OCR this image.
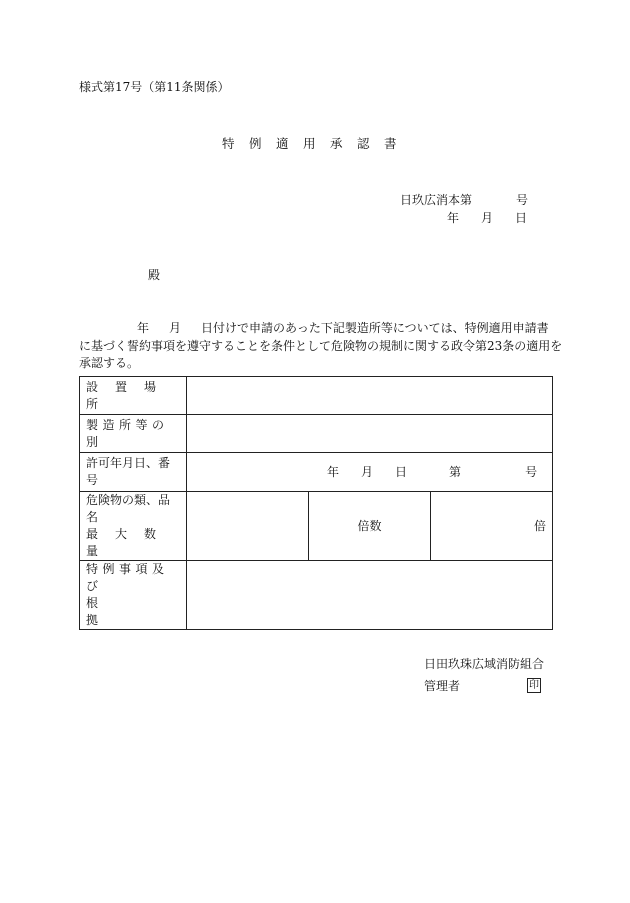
様式第17号（第11条関係）
特例適用承認書
日玖広消本第	号
年 月 日
殿
年 月 日付けで申請のあった下記製造所等については、特例適用申請書
に基づく誓約事項を遵守することを条件として危険物の規制に関する政令第23条の適用を
承認する。
設置場所			
製造所等の別			
許可年月日、番号	年 月 日 第 号		

危険物の類、品名
最大数量		倍数	倍

特例事項及び
根拠			

日田玖珠広域消防組合
管理者	印
